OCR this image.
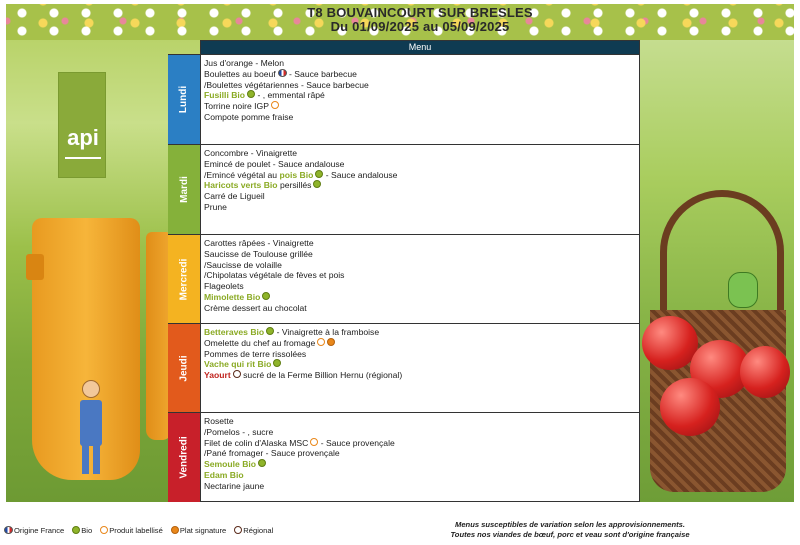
T8 BOUVAINCOURT SUR BRESLES
Du 01/09/2025 au 05/09/2025
api
Menu
Lundi
Jus d'orange - Melon
Boulettes au boeuf - Sauce barbecue
/Boulettes végétariennes - Sauce barbecue
Fusilli Bio - , emmental râpé
Torrine noire IGP
Compote pomme fraise
Mardi
Concombre - Vinaigrette
Emincé de poulet - Sauce andalouse
/Emincé végétal au pois Bio - Sauce andalouse
Haricots verts Bio persillés
Carré de Ligueil
Prune
Mercredi
Carottes râpées - Vinaigrette
Saucisse de Toulouse grillée
/Saucisse de volaille
/Chipolatas végétale de fèves et pois
Flageolets
Mimolette Bio
Crème dessert au chocolat
Jeudi
Betteraves Bio - Vinaigrette à la framboise
Omelette du chef au fromage
Pommes de terre rissolées
Vache qui rit Bio
Yaourt sucré de la Ferme Billion Hernu (régional)
Vendredi
Rosette
/Pomelos - , sucre
Filet de colin d'Alaska MSC - Sauce provençale
/Pané fromager - Sauce provençale
Semoule Bio
Edam Bio
Nectarine jaune
Origine France Bio Produit labellisé Plat signature Régional
Menus susceptibles de variation selon les approvisionnements.
Toutes nos viandes de bœuf, porc et veau sont d'origine française
